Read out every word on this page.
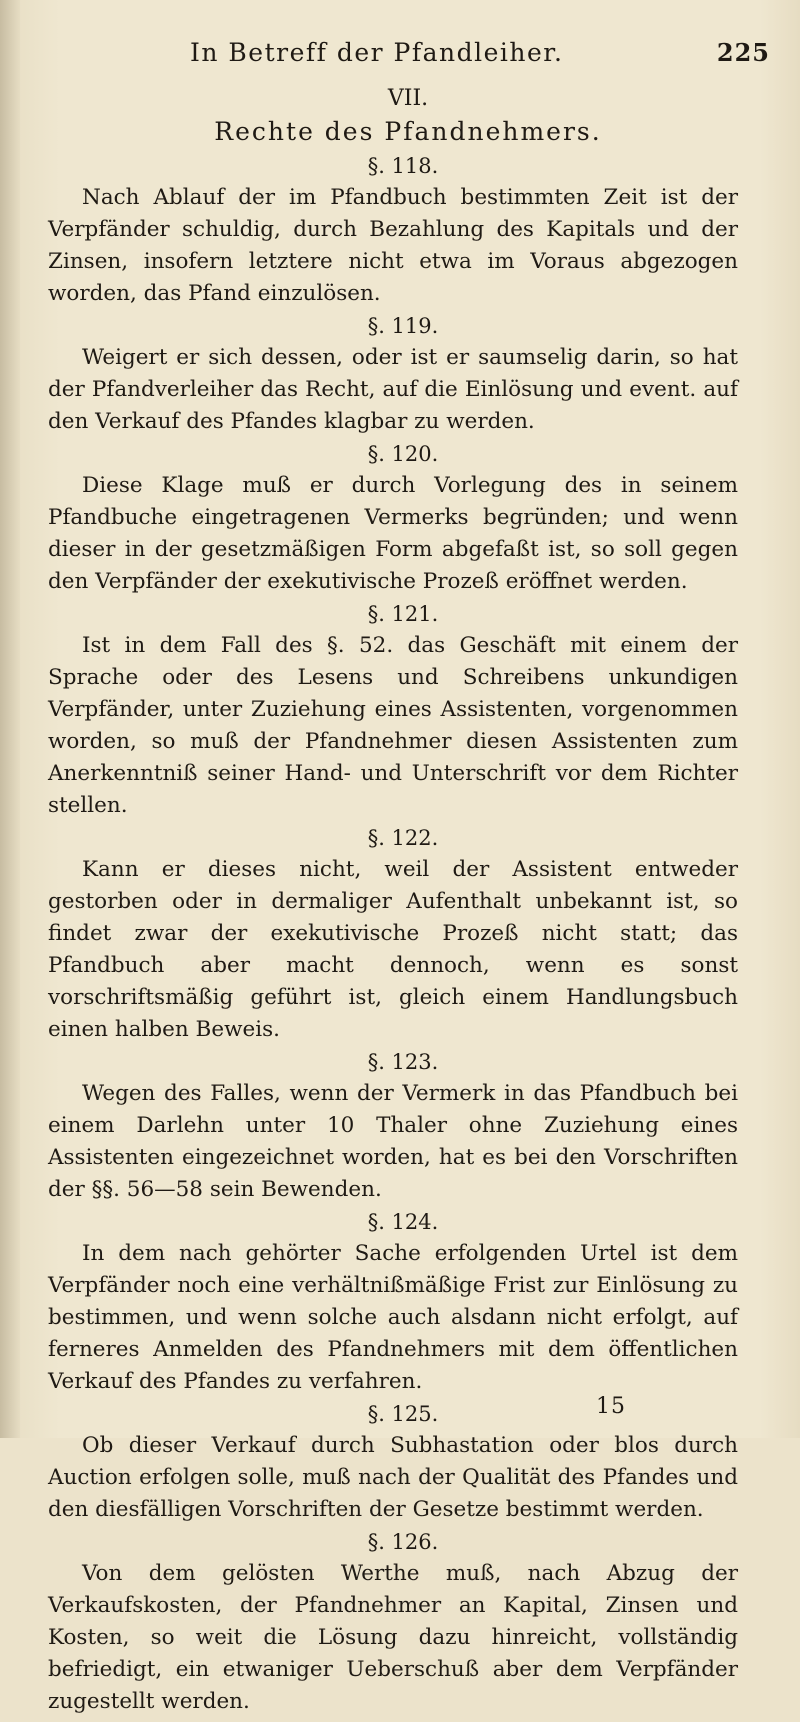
In Betreff der Pfandleiher.	225
VII.
Rechte des Pfandnehmers.
§. 118.

Nach Ablauf der im Pfandbuch bestimmten Zeit ist der Verpfänder schuldig, durch Bezahlung des Kapitals und der Zinsen, insofern letztere nicht etwa im Voraus abgezogen worden, das Pfand einzulösen.

§. 119.

Weigert er sich dessen, oder ist er saumselig darin, so hat der Pfandverleiher das Recht, auf die Einlösung und event. auf den Verkauf des Pfandes klagbar zu werden.

§. 120.

Diese Klage muß er durch Vorlegung des in seinem Pfandbuche eingetragenen Vermerks begründen; und wenn dieser in der gesetzmäßigen Form abgefaßt ist, so soll gegen den Verpfänder der exekutivische Prozeß eröffnet werden.

§. 121.

Ist in dem Fall des §. 52. das Geschäft mit einem der Sprache oder des Lesens und Schreibens unkundigen Verpfänder, unter Zuziehung eines Assistenten, vorgenommen worden, so muß der Pfandnehmer diesen Assistenten zum Anerkenntniß seiner Hand- und Unterschrift vor dem Richter stellen.

§. 122.

Kann er dieses nicht, weil der Assistent entweder gestorben oder in dermaliger Aufenthalt unbekannt ist, so findet zwar der exekutivische Prozeß nicht statt; das Pfandbuch aber macht dennoch, wenn es sonst vorschriftsmäßig geführt ist, gleich einem Handlungsbuch einen halben Beweis.

§. 123.

Wegen des Falles, wenn der Vermerk in das Pfandbuch bei einem Darlehn unter 10 Thaler ohne Zuziehung eines Assistenten eingezeichnet worden, hat es bei den Vorschriften der §§. 56—58 sein Bewenden.

§. 124.

In dem nach gehörter Sache erfolgenden Urtel ist dem Verpfänder noch eine verhältnißmäßige Frist zur Einlösung zu bestimmen, und wenn solche auch alsdann nicht erfolgt, auf ferneres Anmelden des Pfandnehmers mit dem öffentlichen Verkauf des Pfandes zu verfahren.

§. 125.

Ob dieser Verkauf durch Subhastation oder blos durch Auction erfolgen solle, muß nach der Qualität des Pfandes und den diesfälligen Vorschriften der Gesetze bestimmt werden.

§. 126.

Von dem gelösten Werthe muß, nach Abzug der Verkaufskosten, der Pfandnehmer an Kapital, Zinsen und Kosten, so weit die Lösung dazu hinreicht, vollständig befriedigt, ein etwaniger Ueberschuß aber dem Verpfänder zugestellt werden.

15
